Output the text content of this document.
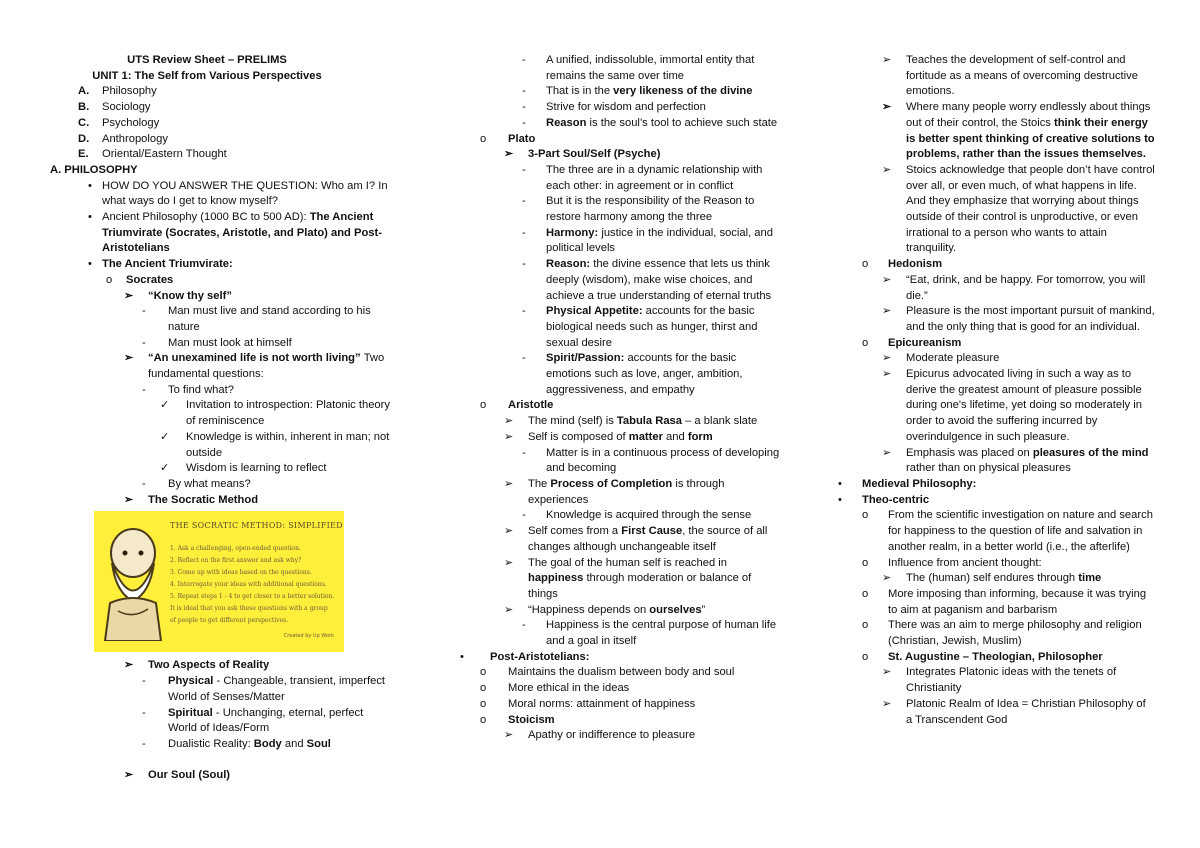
UTS Review Sheet – PRELIMS
UNIT 1: The Self from Various Perspectives
A. Philosophy
B. Sociology
C. Psychology
D. Anthropology
E. Oriental/Eastern Thought
A. PHILOSOPHY
• HOW DO YOU ANSWER THE QUESTION: Who am I? In what ways do I get to know myself?
• Ancient Philosophy (1000 BC to 500 AD): The Ancient Triumvirate (Socrates, Aristotle, and Plato) and Post-Aristotelians
• The Ancient Triumvirate:
o Socrates
➢ “Know thy self”
- Man must live and stand according to his nature
- Man must look at himself
➢ “An unexamined life is not worth living” Two fundamental questions:
- To find what?
✓ Invitation to introspection: Platonic theory of reminiscence
✓ Knowledge is within, inherent in man; not outside
✓ Wisdom is learning to reflect
- By what means?
➢ The Socratic Method
THE SOCRATIC METHOD: SIMPLIFIED
1. Ask a challenging, open-ended question.
2. Reflect on the first answer and ask why?
3. Come up with ideas based on the questions.
4. Interrogate your ideas with additional questions.
5. Repeat steps 1 - 4 to get closer to a better solution.
It is ideal that you ask these questions with a group
of people to get different perspectives.
Created by Up Work
➢ Two Aspects of Reality
- Physical - Changeable, transient, imperfect World of Senses/Matter
- Spiritual - Unchanging, eternal, perfect World of Ideas/Form
- Dualistic Reality: Body and Soul
➢ Our Soul (Soul)
- A unified, indissoluble, immortal entity that remains the same over time
- That is in the very likeness of the divine
- Strive for wisdom and perfection
- Reason is the soul’s tool to achieve such state
o Plato
➢ 3-Part Soul/Self (Psyche)
- The three are in a dynamic relationship with each other: in agreement or in conflict
- But it is the responsibility of the Reason to restore harmony among the three
- Harmony: justice in the individual, social, and political levels
- Reason: the divine essence that lets us think deeply (wisdom), make wise choices, and achieve a true understanding of eternal truths
- Physical Appetite: accounts for the basic biological needs such as hunger, thirst and sexual desire
- Spirit/Passion: accounts for the basic emotions such as love, anger, ambition, aggressiveness, and empathy
o Aristotle
➢ The mind (self) is Tabula Rasa – a blank slate
➢ Self is composed of matter and form
- Matter is in a continuous process of developing and becoming
➢ The Process of Completion is through experiences
- Knowledge is acquired through the sense
➢ Self comes from a First Cause, the source of all changes although unchangeable itself
➢ The goal of the human self is reached in happiness through moderation or balance of things
➢ “Happiness depends on ourselves”
- Happiness is the central purpose of human life and a goal in itself
• Post-Aristotelians:
o Maintains the dualism between body and soul
o More ethical in the ideas
o Moral norms: attainment of happiness
o Stoicism
➢ Apathy or indifference to pleasure
➢ Teaches the development of self-control and fortitude as a means of overcoming destructive emotions.
➢ Where many people worry endlessly about things out of their control, the Stoics think their energy is better spent thinking of creative solutions to problems, rather than the issues themselves.
➢ Stoics acknowledge that people don’t have control over all, or even much, of what happens in life. And they emphasize that worrying about things outside of their control is unproductive, or even irrational to a person who wants to attain tranquility.
o Hedonism
➢ “Eat, drink, and be happy. For tomorrow, you will die.”
➢ Pleasure is the most important pursuit of mankind, and the only thing that is good for an individual.
o Epicureanism
➢ Moderate pleasure
➢ Epicurus advocated living in such a way as to derive the greatest amount of pleasure possible during one's lifetime, yet doing so moderately in order to avoid the suffering incurred by overindulgence in such pleasure.
➢ Emphasis was placed on pleasures of the mind rather than on physical pleasures
• Medieval Philosophy:
• Theo-centric
o From the scientific investigation on nature and search for happiness to the question of life and salvation in another realm, in a better world (i.e., the afterlife)
o Influence from ancient thought:
➢ The (human) self endures through time
o More imposing than informing, because it was trying to aim at paganism and barbarism
o There was an aim to merge philosophy and religion (Christian, Jewish, Muslim)
o St. Augustine – Theologian, Philosopher
➢ Integrates Platonic ideas with the tenets of Christianity
➢ Platonic Realm of Idea = Christian Philosophy of a Transcendent God
